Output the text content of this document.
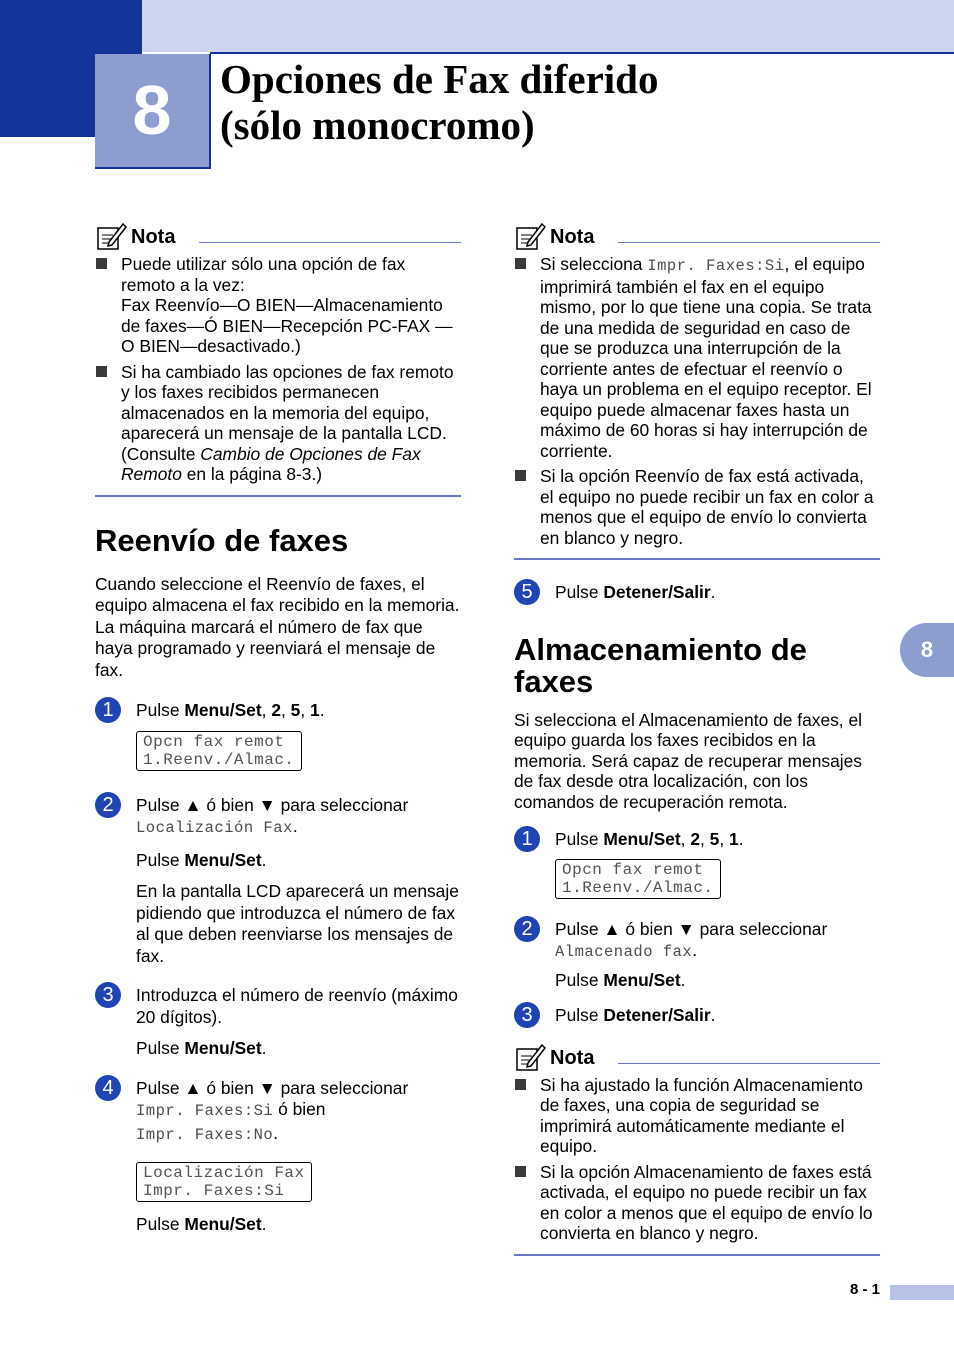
8	Opciones de Fax diferido
(sólo monocromo)
Nota
Puede utilizar sólo una opción de fax remoto a la vez:
Fax Reenvío—O BIEN—Almacenamiento de faxes—Ó BIEN—Recepción PC-FAX —O BIEN—desactivado.)
Si ha cambiado las opciones de fax remoto y los faxes recibidos permanecen almacenados en la memoria del equipo, aparecerá un mensaje de la pantalla LCD. (Consulte Cambio de Opciones de Fax Remoto en la página 8-3.)
Reenvío de faxes

Cuando seleccione el Reenvío de faxes, el equipo almacena el fax recibido en la memoria. La máquina marcará el número de fax que haya programado y reenviará el mensaje de fax.

1	Pulse Menu/Set, 2, 5, 1.

Opcn fax remot
1.Reenv./Almac.
2	Pulse ▲ ó bien ▼ para seleccionar
Localización Fax.

Pulse Menu/Set.

En la pantalla LCD aparecerá un mensaje pidiendo que introduzca el número de fax al que deben reenviarse los mensajes de fax.

3	Introduzca el número de reenvío (máximo 20 dígitos).

Pulse Menu/Set.

4	Pulse ▲ ó bien ▼ para seleccionar
Impr. Faxes:Si ó bien
Impr. Faxes:No.

Localización Fax
Impr. Faxes:Si

Pulse Menu/Set.

Nota
Si selecciona Impr. Faxes:Si, el equipo imprimirá también el fax en el equipo mismo, por lo que tiene una copia. Se trata de una medida de seguridad en caso de que se produzca una interrupción de la corriente antes de efectuar el reenvío o haya un problema en el equipo receptor. El equipo puede almacenar faxes hasta un máximo de 60 horas si hay interrupción de corriente.
Si la opción Reenvío de fax está activada, el equipo no puede recibir un fax en color a menos que el equipo de envío lo convierta en blanco y negro.
5	Pulse Detener/Salir.

Almacenamiento de faxes

Si selecciona el Almacenamiento de faxes, el equipo guarda los faxes recibidos en la memoria. Será capaz de recuperar mensajes de fax desde otra localización, con los comandos de recuperación remota.

1	Pulse Menu/Set, 2, 5, 1.

Opcn fax remot
1.Reenv./Almac.
2	Pulse ▲ ó bien ▼ para seleccionar
Almacenado fax.

Pulse Menu/Set.

3	Pulse Detener/Salir.

Nota
Si ha ajustado la función Almacenamiento de faxes, una copia de seguridad se imprimirá automáticamente mediante el equipo.
Si la opción Almacenamiento de faxes está activada, el equipo no puede recibir un fax en color a menos que el equipo de envío lo convierta en blanco y negro.
8
8 - 1
